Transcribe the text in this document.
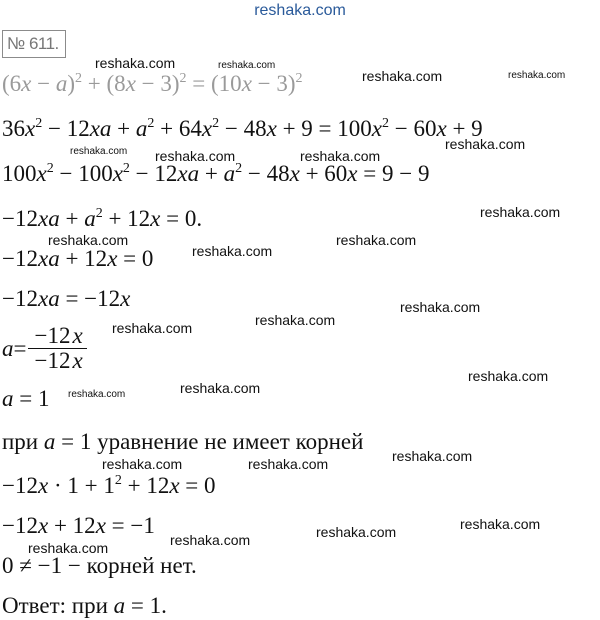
reshaka.com
№ 611.
$(6x - a)^2 + (8x - 3)^2 = (10x - 3)^2$
$36x^2 - 12xa + a^2 + 64x^2 - 48x + 9 = 100x^2 - 60x + 9$
$100x^2 - 100x^2 - 12xa + a^2 - 48x + 60x = 9 - 9$
$-12xa + a^2 + 12x = 0$.
−12xa + 12x = 0
−12xa = −12x
a = −12x
−12x
a = 1
при a = 1 уравнение не имеет корней
$-12x \cdot 1 + 1^2 + 12x = 0$
−12x + 12x = −1
0 ≠ −1 − корней нет.
Ответ: при a = 1.
reshaka.com	reshaka.com
reshaka.com	reshaka.com
reshaka.com reshaka.com	reshaka.com
reshaka.com
reshaka.com
reshaka.com	reshaka.com
reshaka.com
reshaka.com
reshaka.com
reshaka.com
reshaka.com
reshaka.com
reshaka.com
reshaka.com
reshaka.com	reshaka.com
reshaka.com
reshaka.com
reshaka.com
reshaka.com
